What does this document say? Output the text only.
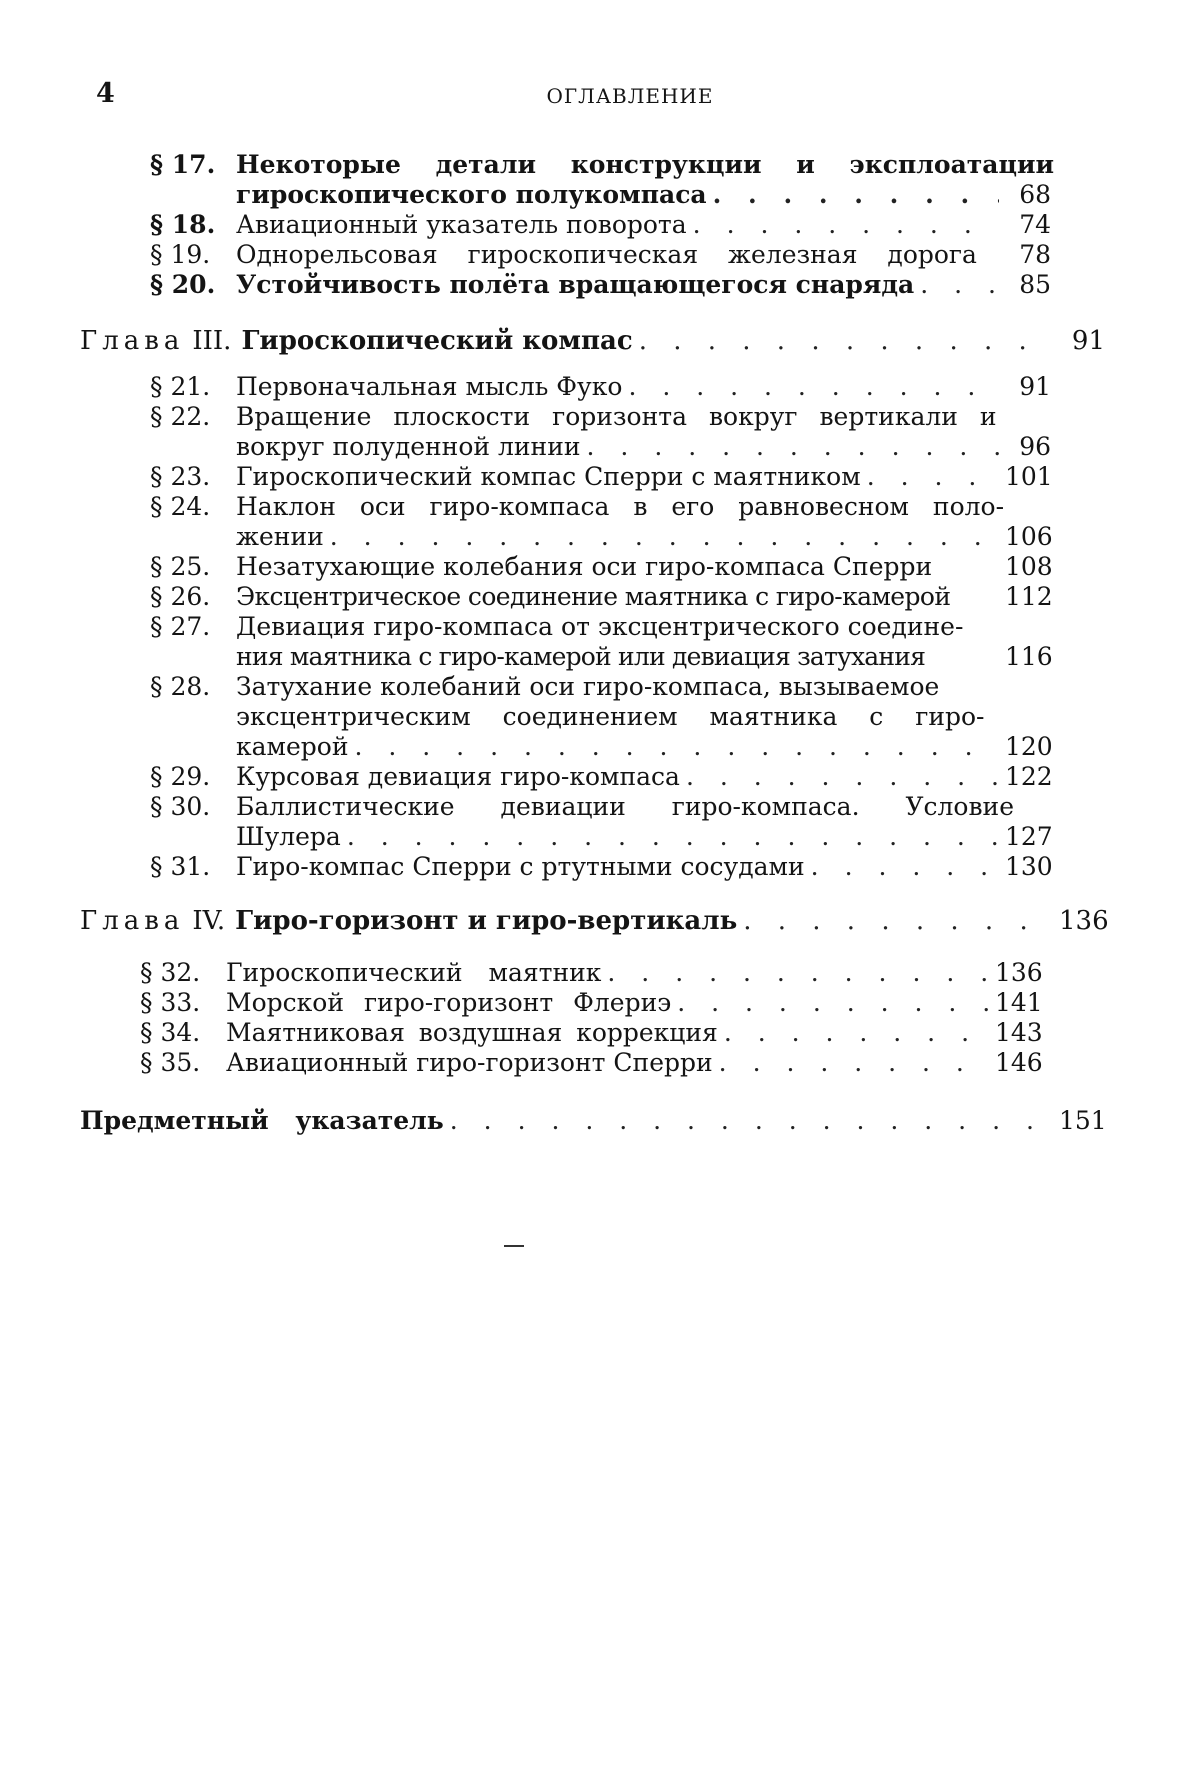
4	ОГЛАВЛЕНИЕ
§ 17. Некоторые детали конструкции и эксплоатации
гироскопического полукомпаса . . .	68
§ 18. Авиационный указатель поворота . . .	74
§ 19.	Однорельсовая гироскопическая железная дорога	78
§ 20. Устойчивость полёта вращающегося снаряда . . .	85
Глава III. Гироскопический компас . . .	91
§ 21.	Первоначальная мысль Фуко . . .	91
§ 22.	Вращение плоскости горизонта вокруг вертикали и
вокруг полуденной линии . . .	96
§ 23.	Гироскопический компас Сперри с маятником . . .	101
§ 24.	Наклон оси гиро-компаса в его равновесном поло-
жении . . .	106
§ 25.	Незатухающие колебания оси гиро-компаса Сперри	108
§ 26.	Эксцентрическое соединение маятника с гиро-камерой 112
§ 27.	Девиация гиро-компаса от эксцентрического соедине-
ния маятника с гиро-камерой или девиация затухания	116
§ 28.	Затухание колебаний оси гиро-компаса, вызываемое
эксцентрическим соединением маятника с гиро-
камерой . . .	120
§ 29.	Курсовая девиация гиро-компаса . . .	122
§ 30.	Баллистические девиации гиро-компаса. Условие
Шулера . . .	127
§ 31.	Гиро-компас Сперри с ртутными сосудами . . .	130
Глава IV. Гиро-горизонт и гиро-вертикаль . . .	136
§ 32.	Гироскопический маятник . . .	136
§ 33.	Морской гиро-горизонт Флериэ . . .	141
§ 34.	Маятниковая воздушная коррекция . . .	143
§ 35.	Авиационный гиро-горизонт Сперри . . .	146
Предметный указатель . . .	151
